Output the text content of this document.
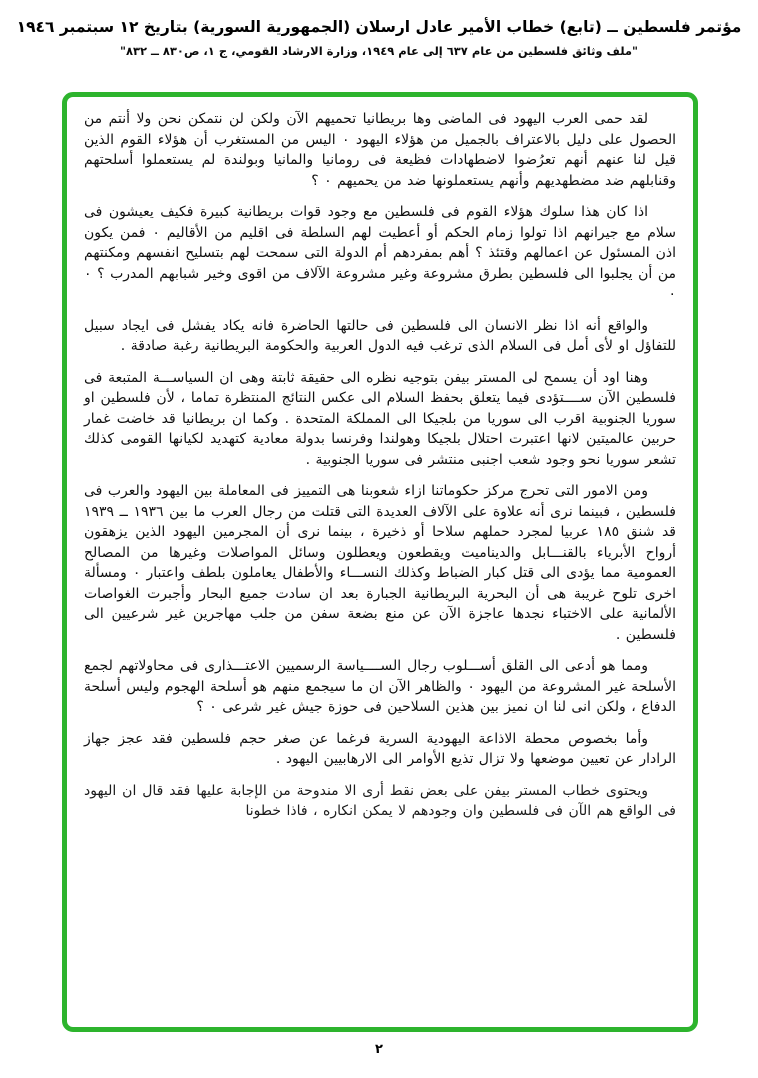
مؤتمر فلسطين ــ (تابع) خطاب الأمير عادل ارسلان (الجمهورية السورية) بتاريخ ١٢ سبتمبر ١٩٤٦
"ملف وثائق فلسطين من عام ٦٣٧ إلى عام ١٩٤٩، وزارة الارشاد القومي، ج ١، ص٨٣٠ ــ ٨٣٢"

لقد حمى العرب اليهود فى الماضى وها بريطانيا تحميهم الآن ولكن لن نتمكن نحن ولا أنتم من الحصول على دليل بالاعتراف بالجميل من هؤلاء اليهود ٠ اليس من المستغرب أن هؤلاء القوم الذين قيل لنا عنهم أنهم تعرُضوا لاضطهادات فظيعة فى رومانيا والمانيا وبولندة لم يستعملوا أسلحتهم وقنابلهم ضد مضطهديهم وأنهم يستعملونها ضد من يحميهم ٠ ؟

اذا كان هذا سلوك هؤلاء القوم فى فلسطين مع وجود قوات بريطانية كبيرة فكيف يعيشون فى سلام مع جيرانهم اذا تولوا زمام الحكم أو أعطيت لهم السلطة فى اقليم من الأقاليم ٠ فمن يكون اذن المسئول عن اعمالهم وقتئذ ؟ أهم بمفردهم أم الدولة التى سمحت لهم بتسليح انفسهم ومكنتهم من أن يجلبوا الى فلسطين بطرق مشروعة وغير مشروعة الآلاف من اقوى وخير شبابهم المدرب ؟ ٠ ٠

والواقع أنه اذا نظر الانسان الى فلسطين فى حالتها الحاضرة فانه يكاد يفشل فى ايجاد سبيل للتفاؤل او لأى أمل فى السلام الذى ترغب فيه الدول العربية والحكومة البريطانية رغبة صادقة .

وهنا اود أن يسمح لى المستر بيفن بتوجيه نظره الى حقيقة ثابتة وهى ان السياســـة المتبعة فى فلسطين الآن ســــتؤدى فيما يتعلق بحفظ السلام الى عكس النتائج المنتظرة تماما ، لأن فلسطين او سوريا الجنوبية اقرب الى سوريا من بلجيكا الى المملكة المتحدة . وكما ان بريطانيا قد خاضت غمار حربين عالميتين لانها اعتبرت احتلال بلجيكا وهولندا وفرنسا بدولة معادية كتهديد لكيانها القومى كذلك تشعر سوريا نحو وجود شعب اجنبى منتشر فى سوريا الجنوبية .

ومن الامور التى تحرج مركز حكوماتنا ازاء شعوبنا هى التمييز فى المعاملة بين اليهود والعرب فى فلسطين ، فبينما نرى أنه علاوة على الآلاف العديدة التى قتلت من رجال العرب ما بين ١٩٣٦ ــ ١٩٣٩ قد شنق ١٨٥ عربيا لمجرد حملهم سلاحا أو ذخيرة ، بينما نرى أن المجرمين اليهود الذين يزهقون أرواح الأبرياء بالقنـــابل والديناميت ويقطعون ويعطلون وسائل المواصلات وغيرها من المصالح العمومية مما يؤدى الى قتل كبار الضباط وكذلك النســـاء والأطفال يعاملون بلطف واعتبار ٠ ومسألة اخرى تلوح غريبة هى أن البحرية البريطانية الجبارة بعد ان سادت جميع البحار وأجبرت الغواصات الألمانية على الاختباء نجدها عاجزة الآن عن منع بضعة سفن من جلب مهاجرين غير شرعيين الى فلسطين .

ومما هو أدعى الى القلق أســـلوب رجال الســــياسة الرسميين الاعتـــذارى فى محاولاتهم لجمع الأسلحة غير المشروعة من اليهود ٠ والظاهر الآن ان ما سيجمع منهم هو أسلحة الهجوم وليس أسلحة الدفاع ، ولكن انى لنا ان نميز بين هذين السلاحين فى حوزة جيش غير شرعى ٠ ؟

وأما بخصوص محطة الاذاعة اليهودية السرية فرغما عن صغر حجم فلسطين فقد عجز جهاز الرادار عن تعيين موضعها ولا تزال تذيع الأوامر الى الارهابيين اليهود .

ويحتوى خطاب المستر بيفن على بعض نقط أرى الا مندوحة من الإجابة عليها فقد قال ان اليهود فى الواقع هم الآن فى فلسطين وان وجودهم لا يمكن انكاره ، فاذا خطونا

٢
